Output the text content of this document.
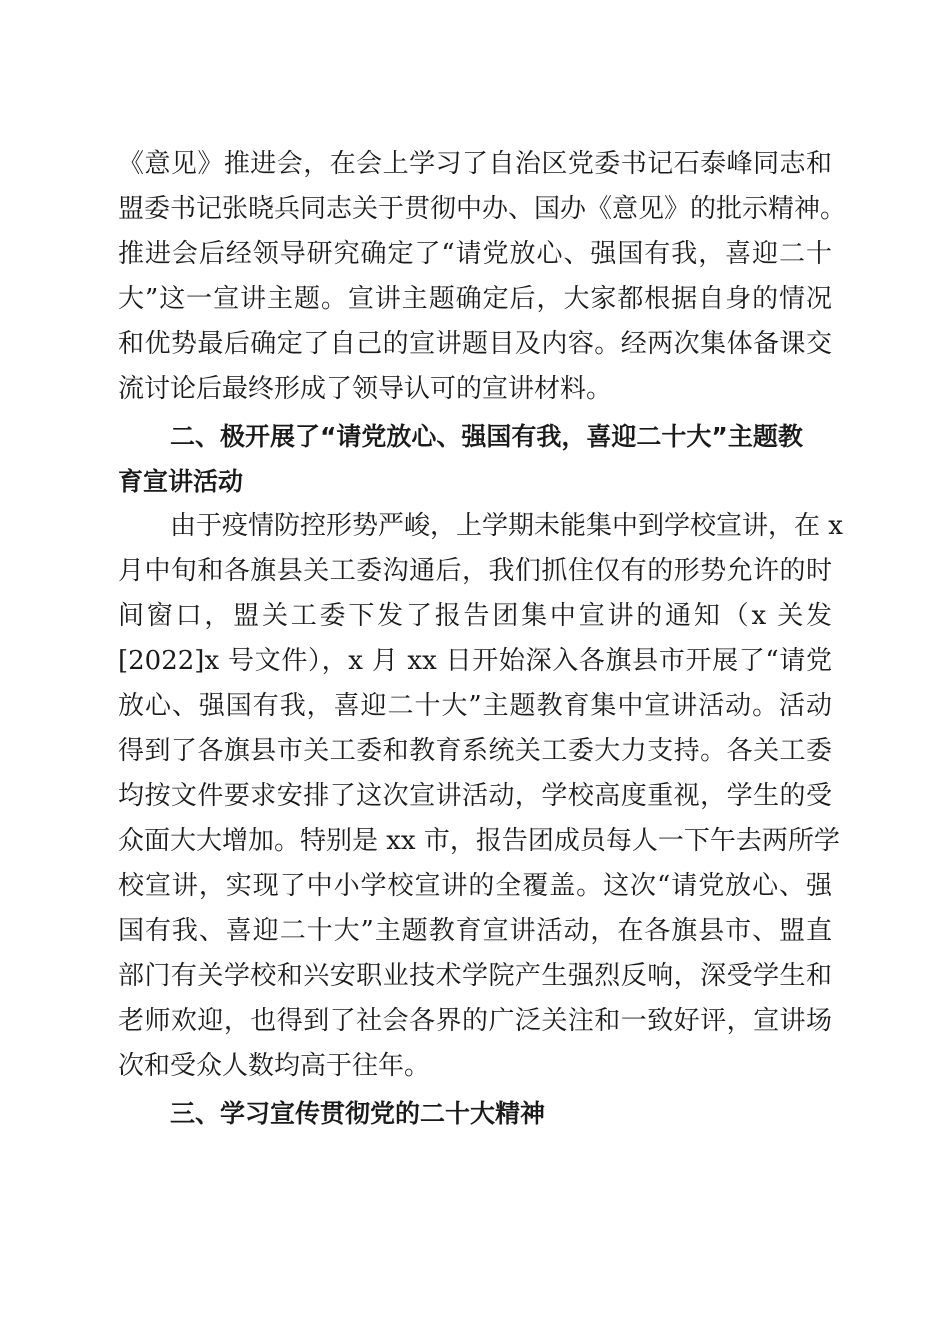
《意见》推进会，在会上学习了自治区党委书记石泰峰同志和
盟委书记张晓兵同志关于贯彻中办、国办《意见》的批示精神。
推进会后经领导研究确定了“请党放心、强国有我，喜迎二十
大”这一宣讲主题。宣讲主题确定后，大家都根据自身的情况
和优势最后确定了自己的宣讲题目及内容。经两次集体备课交
流讨论后最终形成了领导认可的宣讲材料。
二、极开展了“请党放心、强国有我，喜迎二十大”主题教
育宣讲活动
由于疫情防控形势严峻，上学期未能集中到学校宣讲，在 x
月中旬和各旗县关工委沟通后，我们抓住仅有的形势允许的时
间窗口，盟关工委下发了报告团集中宣讲的通知（x 关发
[2022]x 号文件），x 月 xx 日开始深入各旗县市开展了“请党
放心、强国有我，喜迎二十大”主题教育集中宣讲活动。活动
得到了各旗县市关工委和教育系统关工委大力支持。各关工委
均按文件要求安排了这次宣讲活动，学校高度重视，学生的受
众面大大增加。特别是 xx 市，报告团成员每人一下午去两所学
校宣讲，实现了中小学校宣讲的全覆盖。这次“请党放心、强
国有我、喜迎二十大”主题教育宣讲活动，在各旗县市、盟直
部门有关学校和兴安职业技术学院产生强烈反响，深受学生和
老师欢迎，也得到了社会各界的广泛关注和一致好评，宣讲场
次和受众人数均高于往年。
三、学习宣传贯彻党的二十大精神
